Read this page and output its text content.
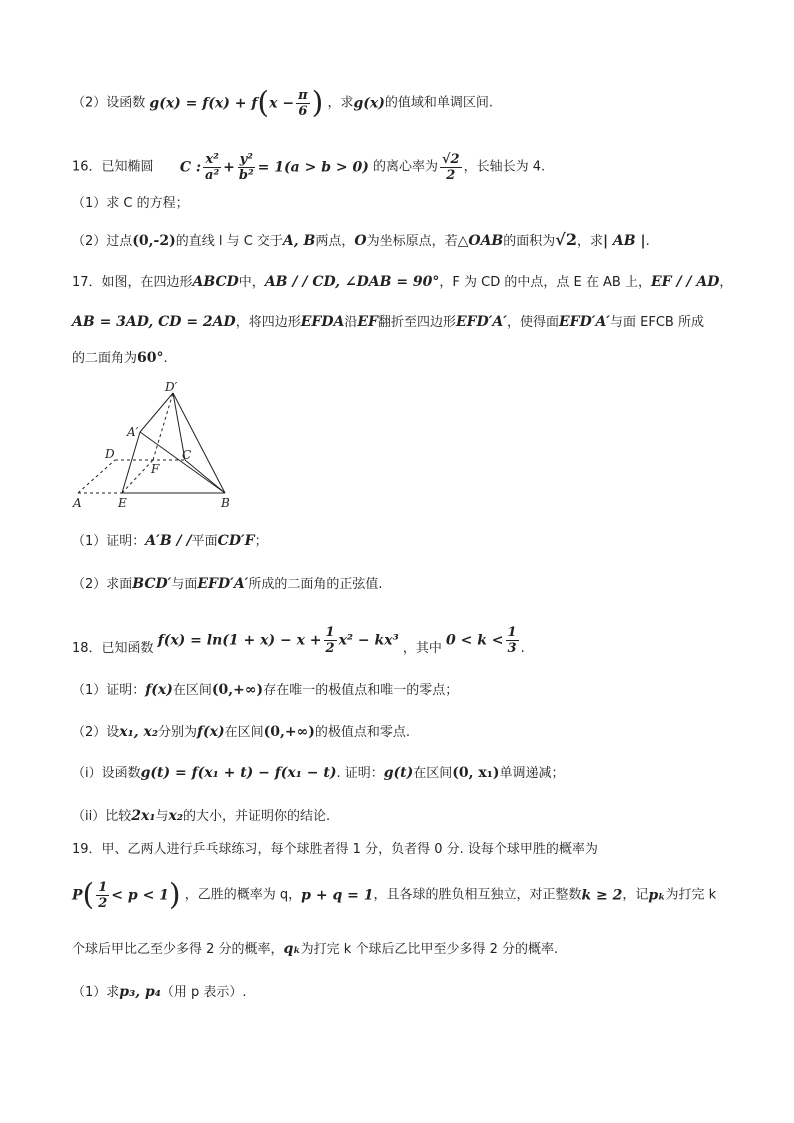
（2）设函数 $g(x) = f(x) + f(x - \frac{\pi}{6}$ ) ，求g(x)的值域和单调区间.
16．已知椭圆 C : $\frac{\text{x²}}{\text{a²}} + \frac{\text{y²}}{\text{b²}} = 1(a > b > 0)$ 的离心率为 $\frac{√2}{2}$ ，长轴长为 4.
（1）求 C 的方程；
（2）过点(0,-2)的直线 l 与 C 交于A, B两点，O为坐标原点，若△OAB的面积为√2，求| AB |.
17．如图，在四边形ABCD中，AB / / CD, ∠DAB = 90°，F 为 CD 的中点，点 E 在 AB 上，EF / / AD，
AB = 3AD, CD = 2AD，将四边形EFDA沿EF翻折至四边形EFD′A′，使得面EFD′A′与面 EFCB 所成
的二面角为60°.
D′
A′
D	C
F
A	E	B
（1）证明：A′B / /平面CD′F；
（2）求面BCD′与面EFD′A′所成的二面角的正弦值.
18．已知函数 $f(x) = \ln(1 + x) - x + \frac{1}{2} x^2 - kx^3$ ，其中 $0 < k < \frac{1}{3}$ .
（1）证明：f(x)在区间(0,+∞)存在唯一的极值点和唯一的零点；
（2）设x₁, x₂分别为f(x)在区间(0,+∞)的极值点和零点.
（i）设函数g(t) = f(x₁ + t) − f(x₁ − t). 证明：g(t)在区间(0, x₁)单调递减；
（ii）比较2x₁与x₂的大小，并证明你的结论.
19．甲、乙两人进行乒乓球练习，每个球胜者得 1 分，负者得 0 分. 设每个球甲胜的概率为
$P( \frac{1}{2} < p < 1)$ ，乙胜的概率为 q，p + q = 1，且各球的胜负相互独立，对正整数k ≥ 2，记pₖ为打完 k
个球后甲比乙至少多得 2 分的概率，qₖ为打完 k 个球后乙比甲至少多得 2 分的概率.
（1）求p₃, p₄（用 p 表示）.
